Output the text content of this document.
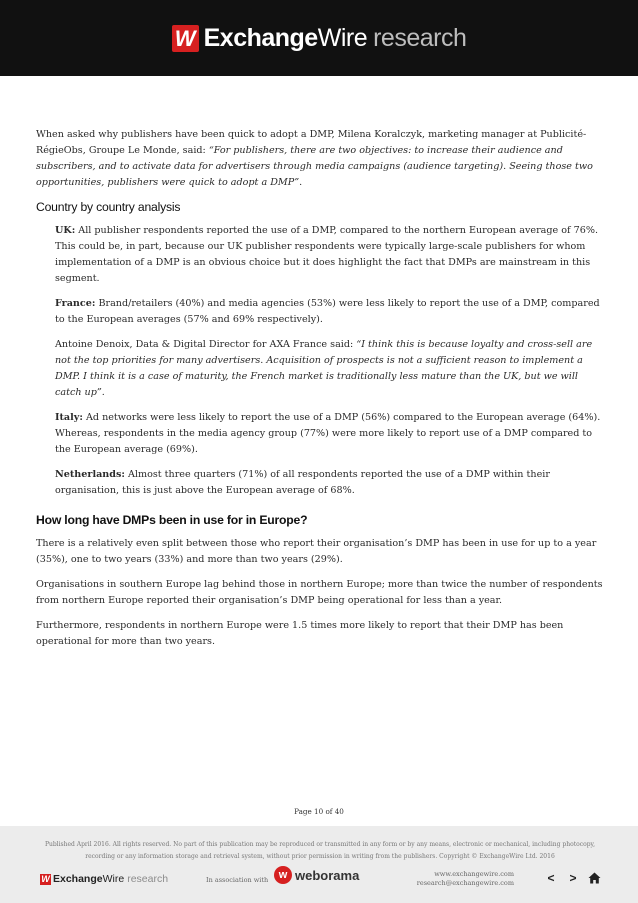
W ExchangeWire research

When asked why publishers have been quick to adopt a DMP, Milena Koralczyk, marketing manager at Publicité-RégieObs, Groupe Le Monde, said: “For publishers, there are two objectives: to increase their audience and subscribers, and to activate data for advertisers through media campaigns (audience targeting). Seeing those two opportunities, publishers were quick to adopt a DMP”.

Country by country analysis

UK: All publisher respondents reported the use of a DMP, compared to the northern European average of 76%. This could be, in part, because our UK publisher respondents were typically large-scale publishers for whom implementation of a DMP is an obvious choice but it does highlight the fact that DMPs are mainstream in this segment.

France: Brand/retailers (40%) and media agencies (53%) were less likely to report the use of a DMP, compared to the European averages (57% and 69% respectively).

Antoine Denoix, Data & Digital Director for AXA France said: “I think this is because loyalty and cross-sell are not the top priorities for many advertisers. Acquisition of prospects is not a sufficient reason to implement a DMP. I think it is a case of maturity, the French market is traditionally less mature than the UK, but we will catch up”.

Italy: Ad networks were less likely to report the use of a DMP (56%) compared to the European average (64%). Whereas, respondents in the media agency group (77%) were more likely to report use of a DMP compared to the European average (69%).

Netherlands: Almost three quarters (71%) of all respondents reported the use of a DMP within their organisation, this is just above the European average of 68%.

How long have DMPs been in use for in Europe?

There is a relatively even split between those who report their organisation’s DMP has been in use for up to a year (35%), one to two years (33%) and more than two years (29%).

Organisations in southern Europe lag behind those in northern Europe; more than twice the number of respondents from northern Europe reported their organisation’s DMP being operational for less than a year.

Furthermore, respondents in northern Europe were 1.5 times more likely to report that their DMP has been operational for more than two years.

Page 10 of 40
Published April 2016. All rights reserved. No part of this publication may be reproduced or transmitted in any form or by any means, electronic or mechanical, including photocopy, recording or any information storage and retrieval system, without prior permission in writing from the publishers. Copyright © ExchangeWire Ltd. 2016
W ExchangeWire research	In association with w weborama	www.exchangewire.com
research@exchangewire.com	< >
